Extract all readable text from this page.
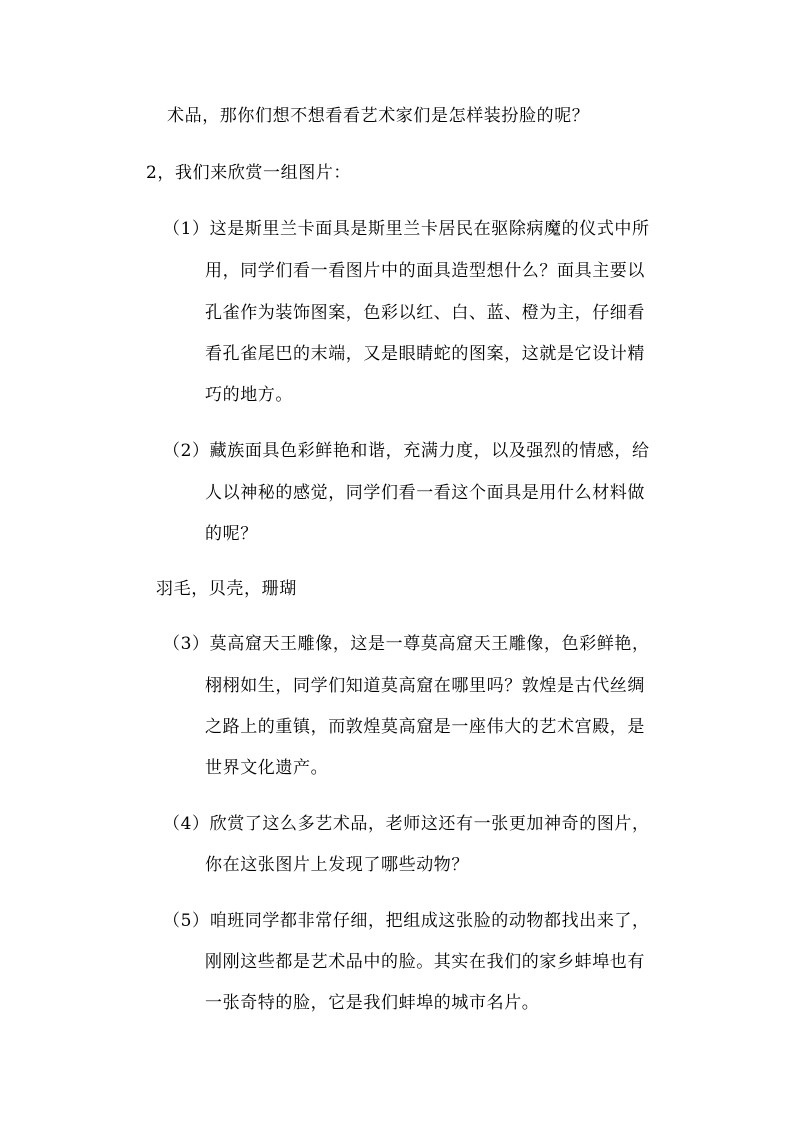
术品，那你们想不想看看艺术家们是怎样装扮脸的呢？
2，我们来欣赏一组图片：
（1）这是斯里兰卡面具是斯里兰卡居民在驱除病魔的仪式中所
用，同学们看一看图片中的面具造型想什么？面具主要以
孔雀作为装饰图案，色彩以红、白、蓝、橙为主，仔细看
看孔雀尾巴的末端，又是眼睛蛇的图案，这就是它设计精
巧的地方。
（2）藏族面具色彩鲜艳和谐，充满力度，以及强烈的情感，给
人以神秘的感觉，同学们看一看这个面具是用什么材料做
的呢？
羽毛，贝壳，珊瑚
（3）莫高窟天王雕像，这是一尊莫高窟天王雕像，色彩鲜艳，
栩栩如生，同学们知道莫高窟在哪里吗？敦煌是古代丝绸
之路上的重镇，而敦煌莫高窟是一座伟大的艺术宫殿，是
世界文化遗产。
（4）欣赏了这么多艺术品，老师这还有一张更加神奇的图片，
你在这张图片上发现了哪些动物？
（5）咱班同学都非常仔细，把组成这张脸的动物都找出来了，
刚刚这些都是艺术品中的脸。其实在我们的家乡蚌埠也有
一张奇特的脸，它是我们蚌埠的城市名片。
